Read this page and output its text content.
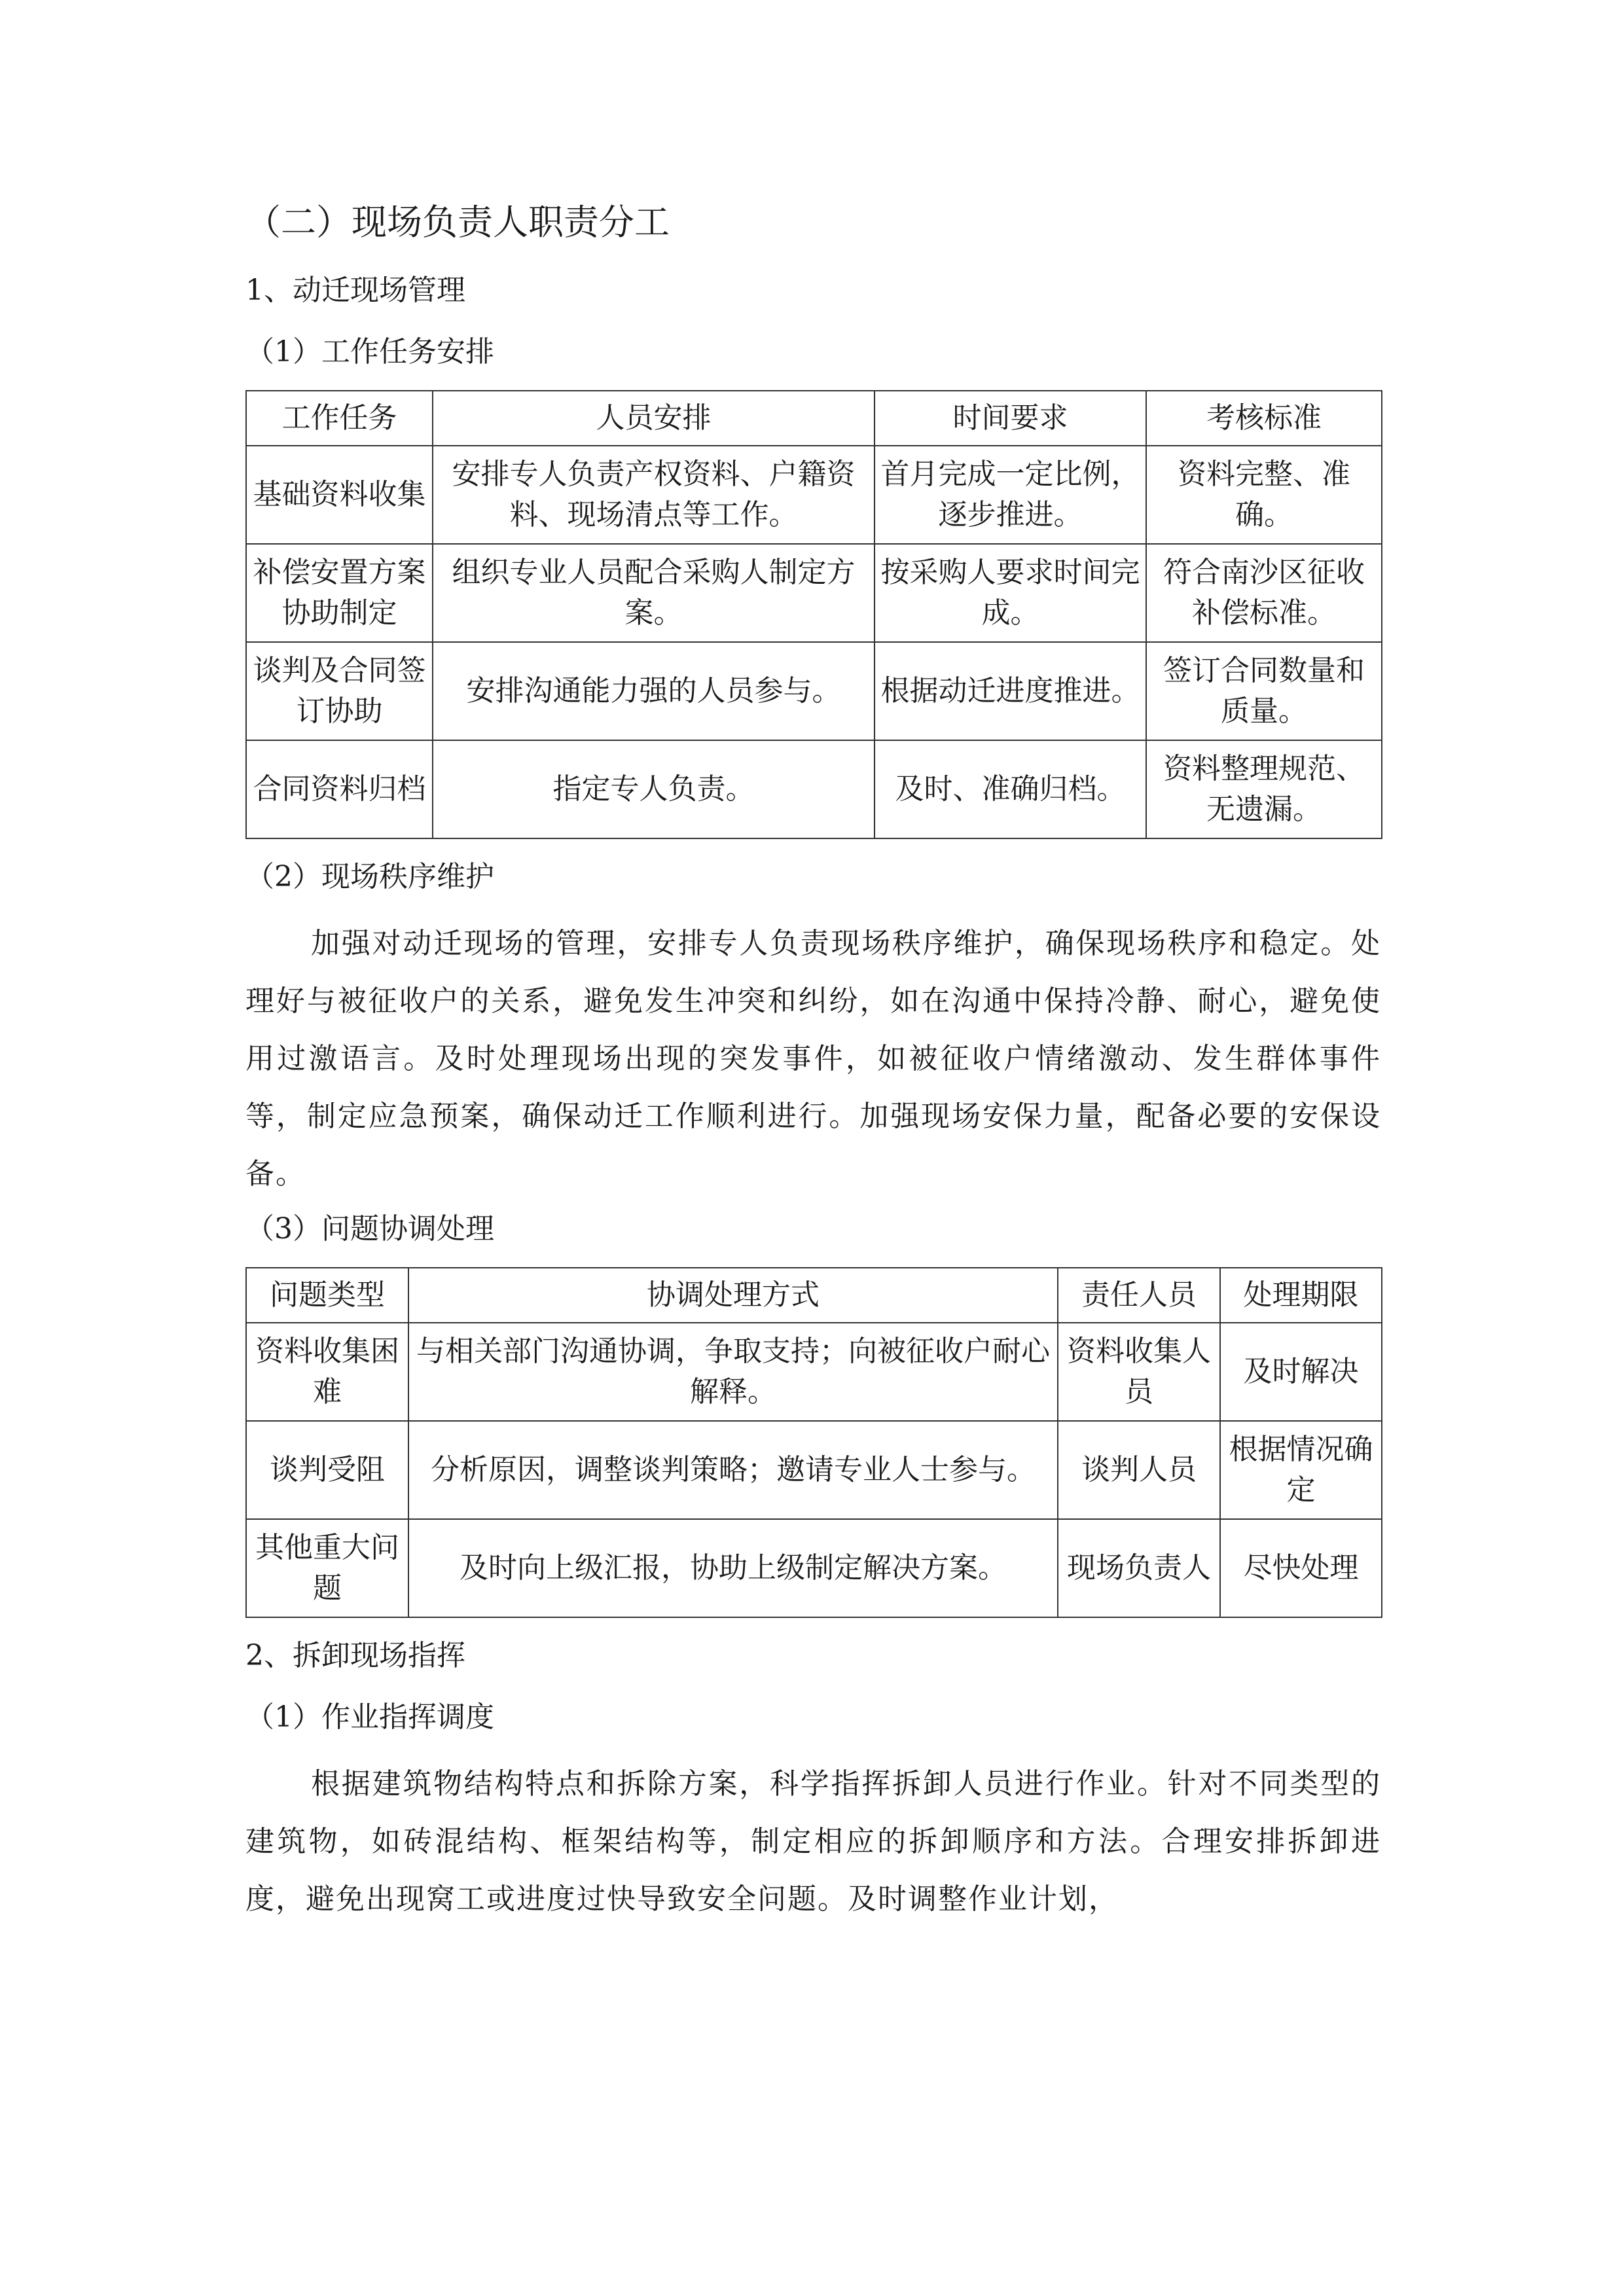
（二）现场负责人职责分工
1、动迁现场管理
（1）工作任务安排
工作任务	人员安排	时间要求	考核标准
基础资料收集	安排专人负责产权资料、户籍资料、现场清点等工作。	首月完成一定比例，逐步推进。	资料完整、准确。
补偿安置方案协助制定	组织专业人员配合采购人制定方案。	按采购人要求时间完成。	符合南沙区征收补偿标准。
谈判及合同签订协助	安排沟通能力强的人员参与。	根据动迁进度推进。	签订合同数量和质量。
合同资料归档	指定专人负责。	及时、准确归档。	资料整理规范、无遗漏。
（2）现场秩序维护

加强对动迁现场的管理，安排专人负责现场秩序维护，确保现场秩序和稳定。处理好与被征收户的关系，避免发生冲突和纠纷，如在沟通中保持冷静、耐心，避免使用过激语言。及时处理现场出现的突发事件，如被征收户情绪激动、发生群体事件等，制定应急预案，确保动迁工作顺利进行。加强现场安保力量，配备必要的安保设备。

（3）问题协调处理
问题类型	协调处理方式	责任人员	处理期限
资料收集困难	与相关部门沟通协调，争取支持；向被征收户耐心解释。	资料收集人员	及时解决
谈判受阻	分析原因，调整谈判策略；邀请专业人士参与。	谈判人员	根据情况确定
其他重大问题	及时向上级汇报，协助上级制定解决方案。	现场负责人	尽快处理
2、拆卸现场指挥
（1）作业指挥调度

根据建筑物结构特点和拆除方案，科学指挥拆卸人员进行作业。针对不同类型的建筑物，如砖混结构、框架结构等，制定相应的拆卸顺序和方法。合理安排拆卸进度，避免出现窝工或进度过快导致安全问题。及时调整作业计划，
